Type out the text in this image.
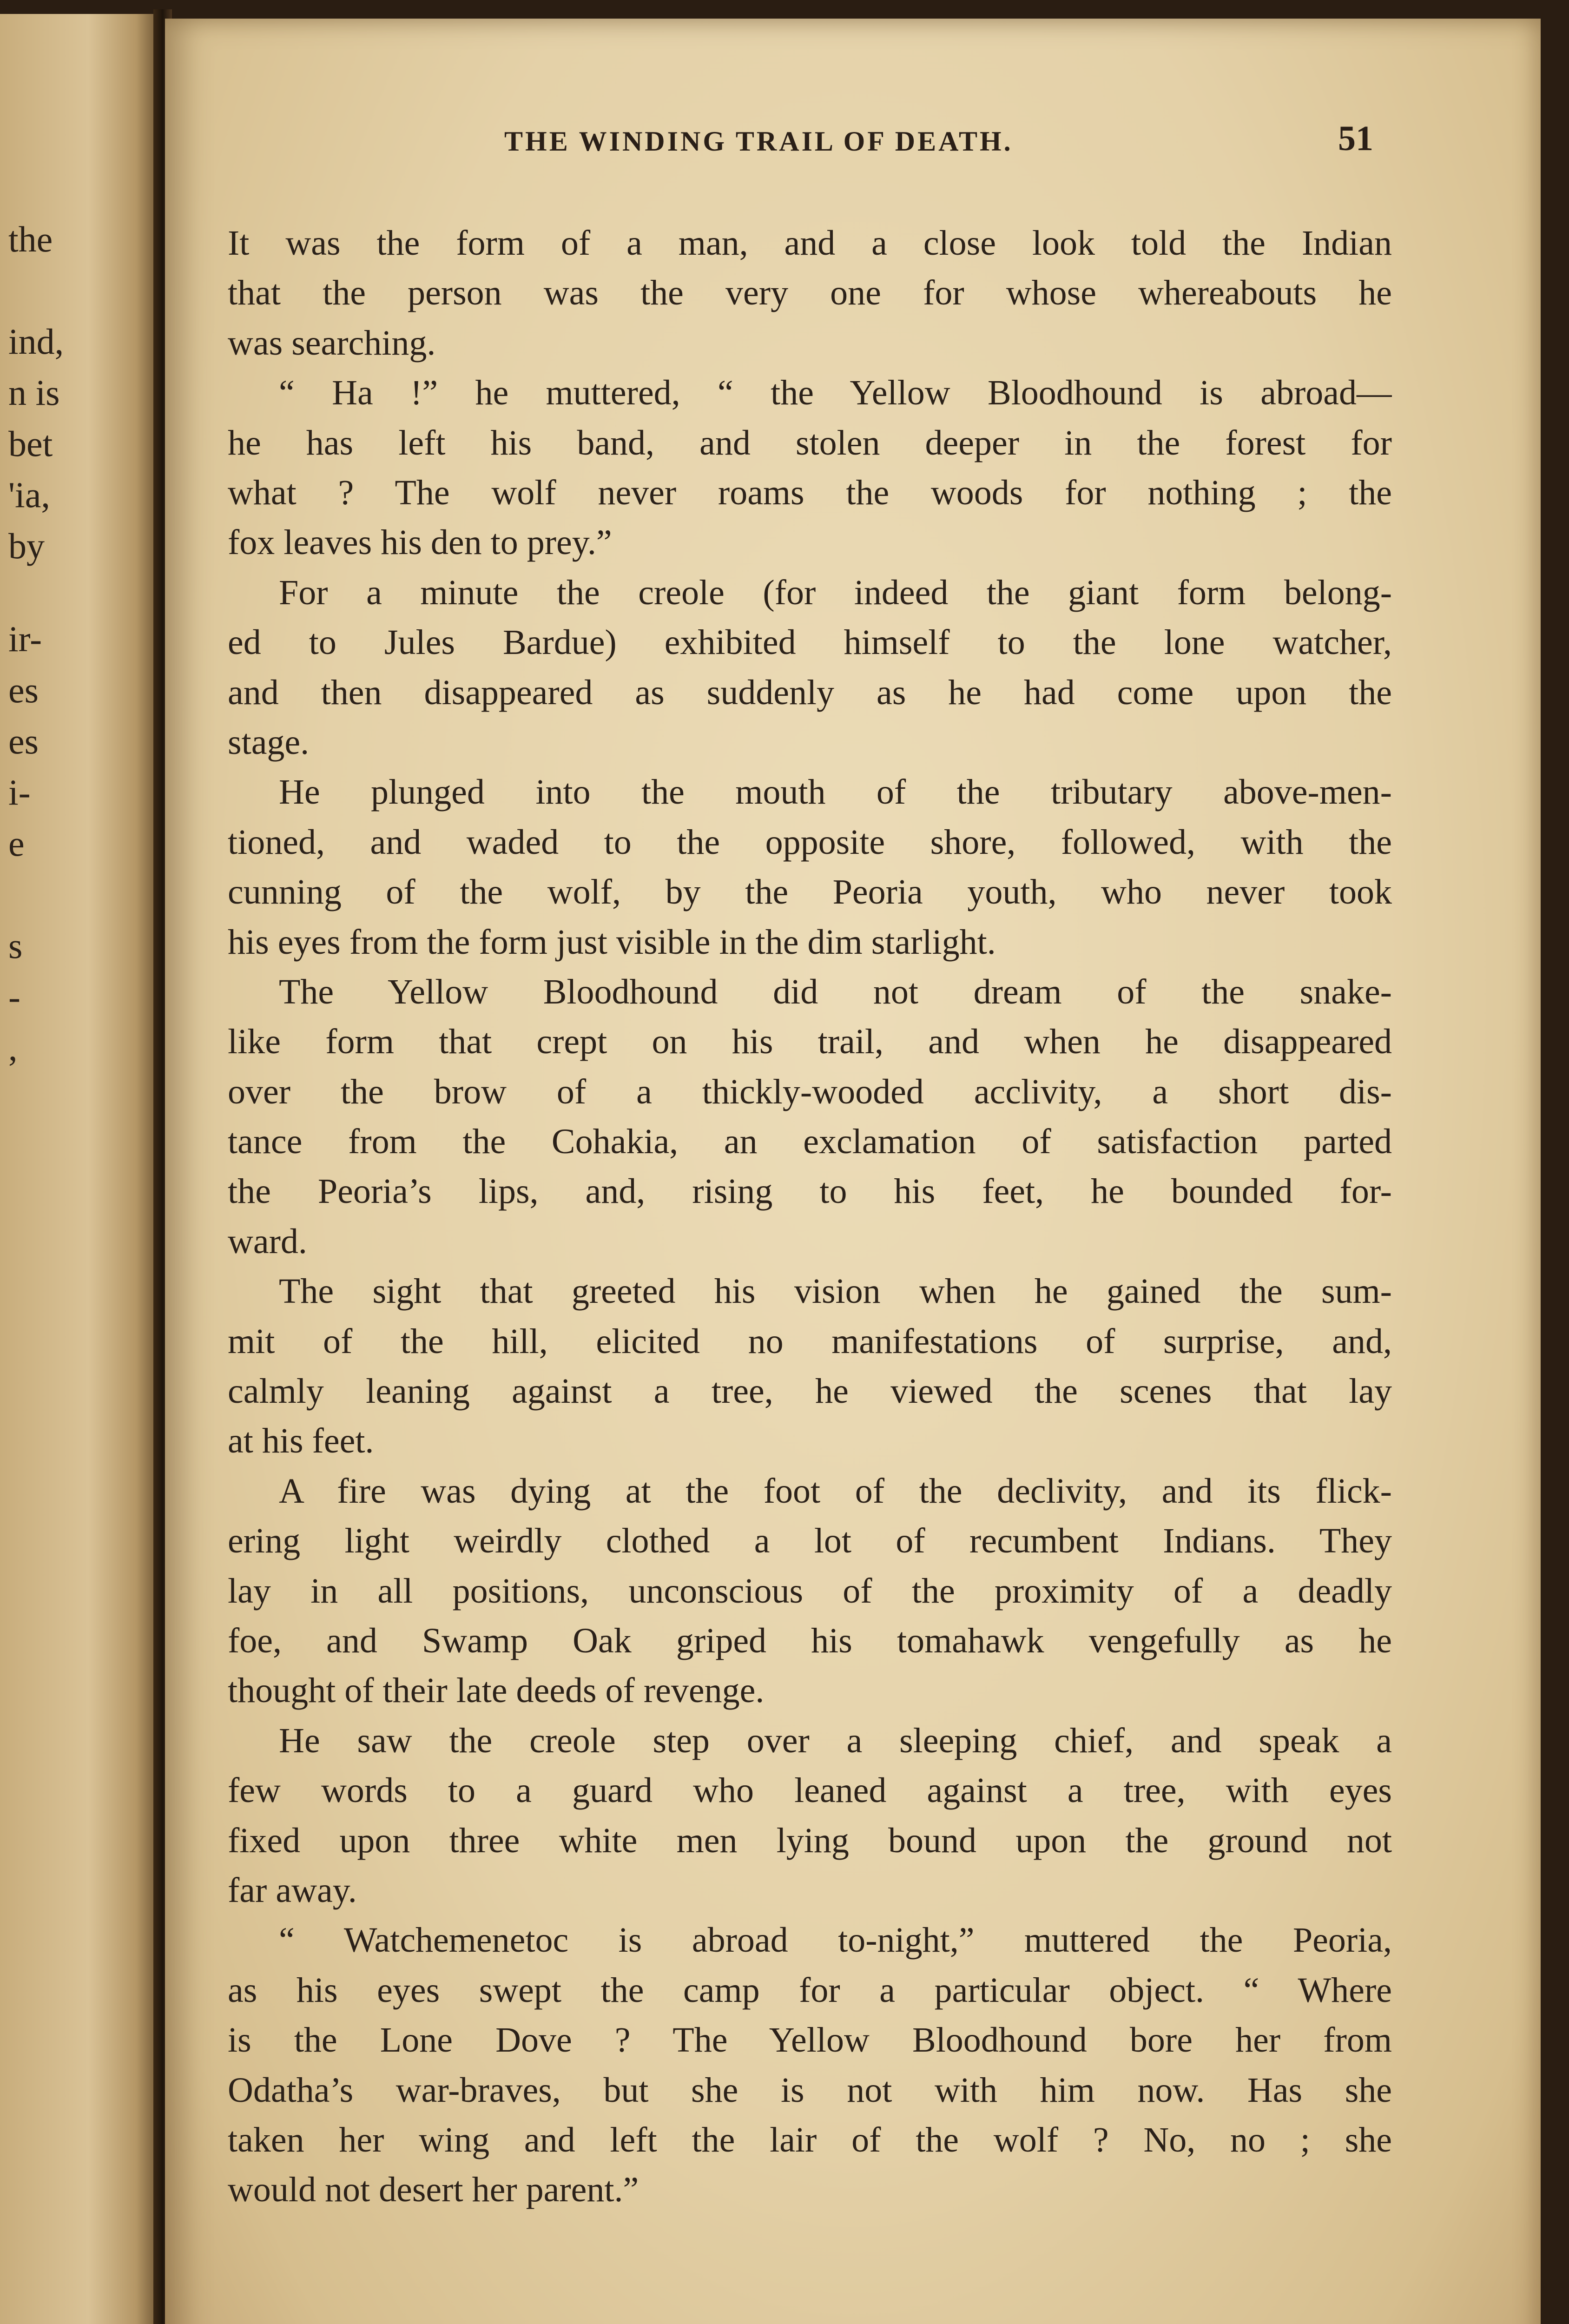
the
ind,
n is
bet
'ia,
by
ir-
es
es
i-
e
s
-
,
THE WINDING TRAIL OF DEATH.	51

It was the form of a man, and a close look told the Indian
that the person was the very one for whose whereabouts he
was searching.

“ Ha !” he muttered, “ the Yellow Bloodhound is abroad—
he has left his band, and stolen deeper in the forest for
what ? The wolf never roams the woods for nothing ; the
fox leaves his den to prey.”

For a minute the creole (for indeed the giant form belong-
ed to Jules Bardue) exhibited himself to the lone watcher,
and then disappeared as suddenly as he had come upon the
stage.

He plunged into the mouth of the tributary above-men-
tioned, and waded to the opposite shore, followed, with the
cunning of the wolf, by the Peoria youth, who never took
his eyes from the form just visible in the dim starlight.

The Yellow Bloodhound did not dream of the snake-
like form that crept on his trail, and when he disappeared
over the brow of a thickly-wooded acclivity, a short dis-
tance from the Cohakia, an exclamation of satisfaction parted
the Peoria’s lips, and, rising to his feet, he bounded for-
ward.

The sight that greeted his vision when he gained the sum-
mit of the hill, elicited no manifestations of surprise, and,
calmly leaning against a tree, he viewed the scenes that lay
at his feet.

A fire was dying at the foot of the declivity, and its flick-
ering light weirdly clothed a lot of recumbent Indians. They
lay in all positions, unconscious of the proximity of a deadly
foe, and Swamp Oak griped his tomahawk vengefully as he
thought of their late deeds of revenge.

He saw the creole step over a sleeping chief, and speak a
few words to a guard who leaned against a tree, with eyes
fixed upon three white men lying bound upon the ground not
far away.

“ Watchemenetoc is abroad to-night,” muttered the Peoria,
as his eyes swept the camp for a particular object. “ Where
is the Lone Dove ? The Yellow Bloodhound bore her from
Odatha’s war-braves, but she is not with him now. Has she
taken her wing and left the lair of the wolf ? No, no ; she
would not desert her parent.”
